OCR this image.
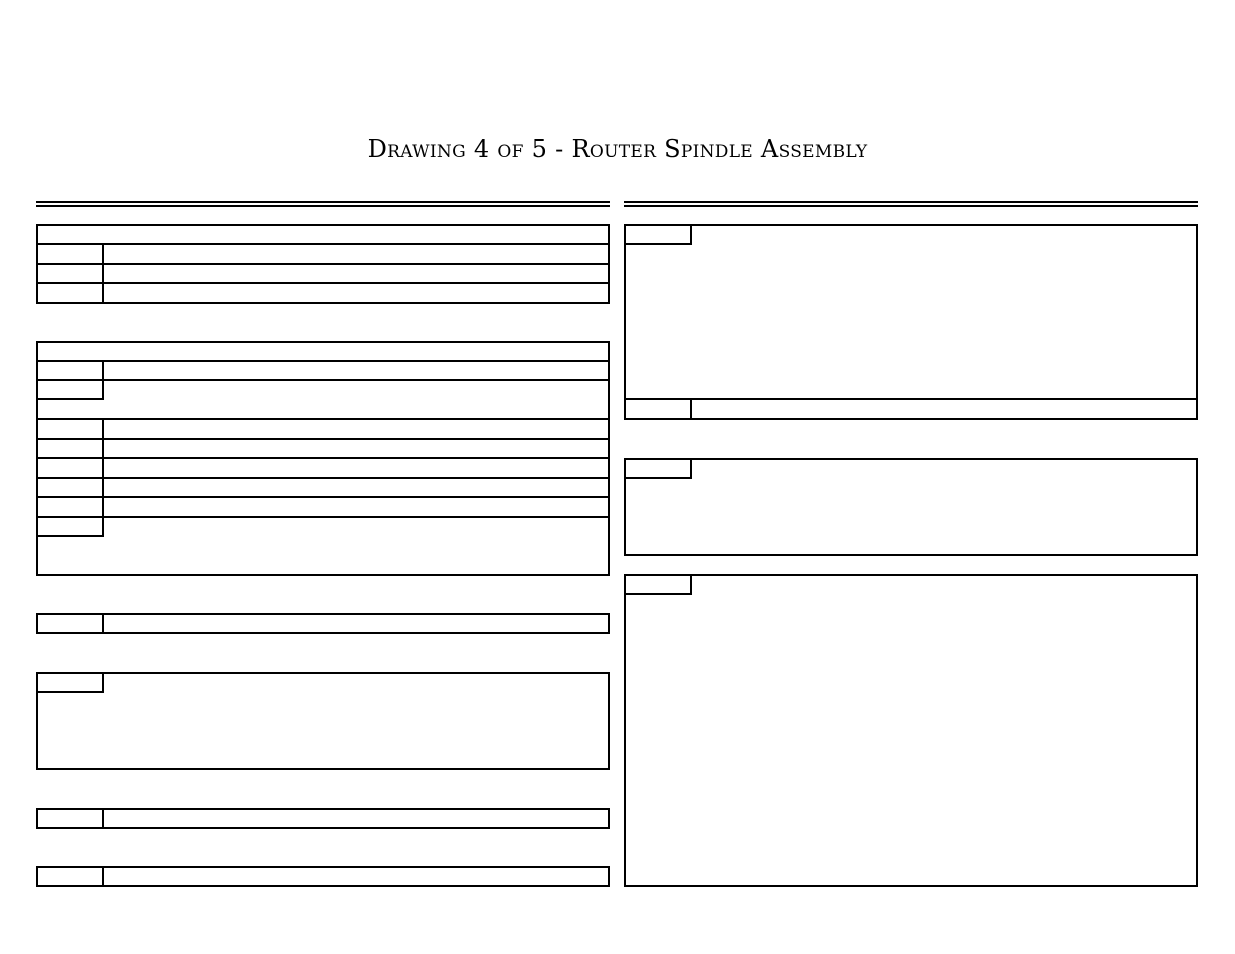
Drawing 4 of 5 - Router Spindle Assembly
